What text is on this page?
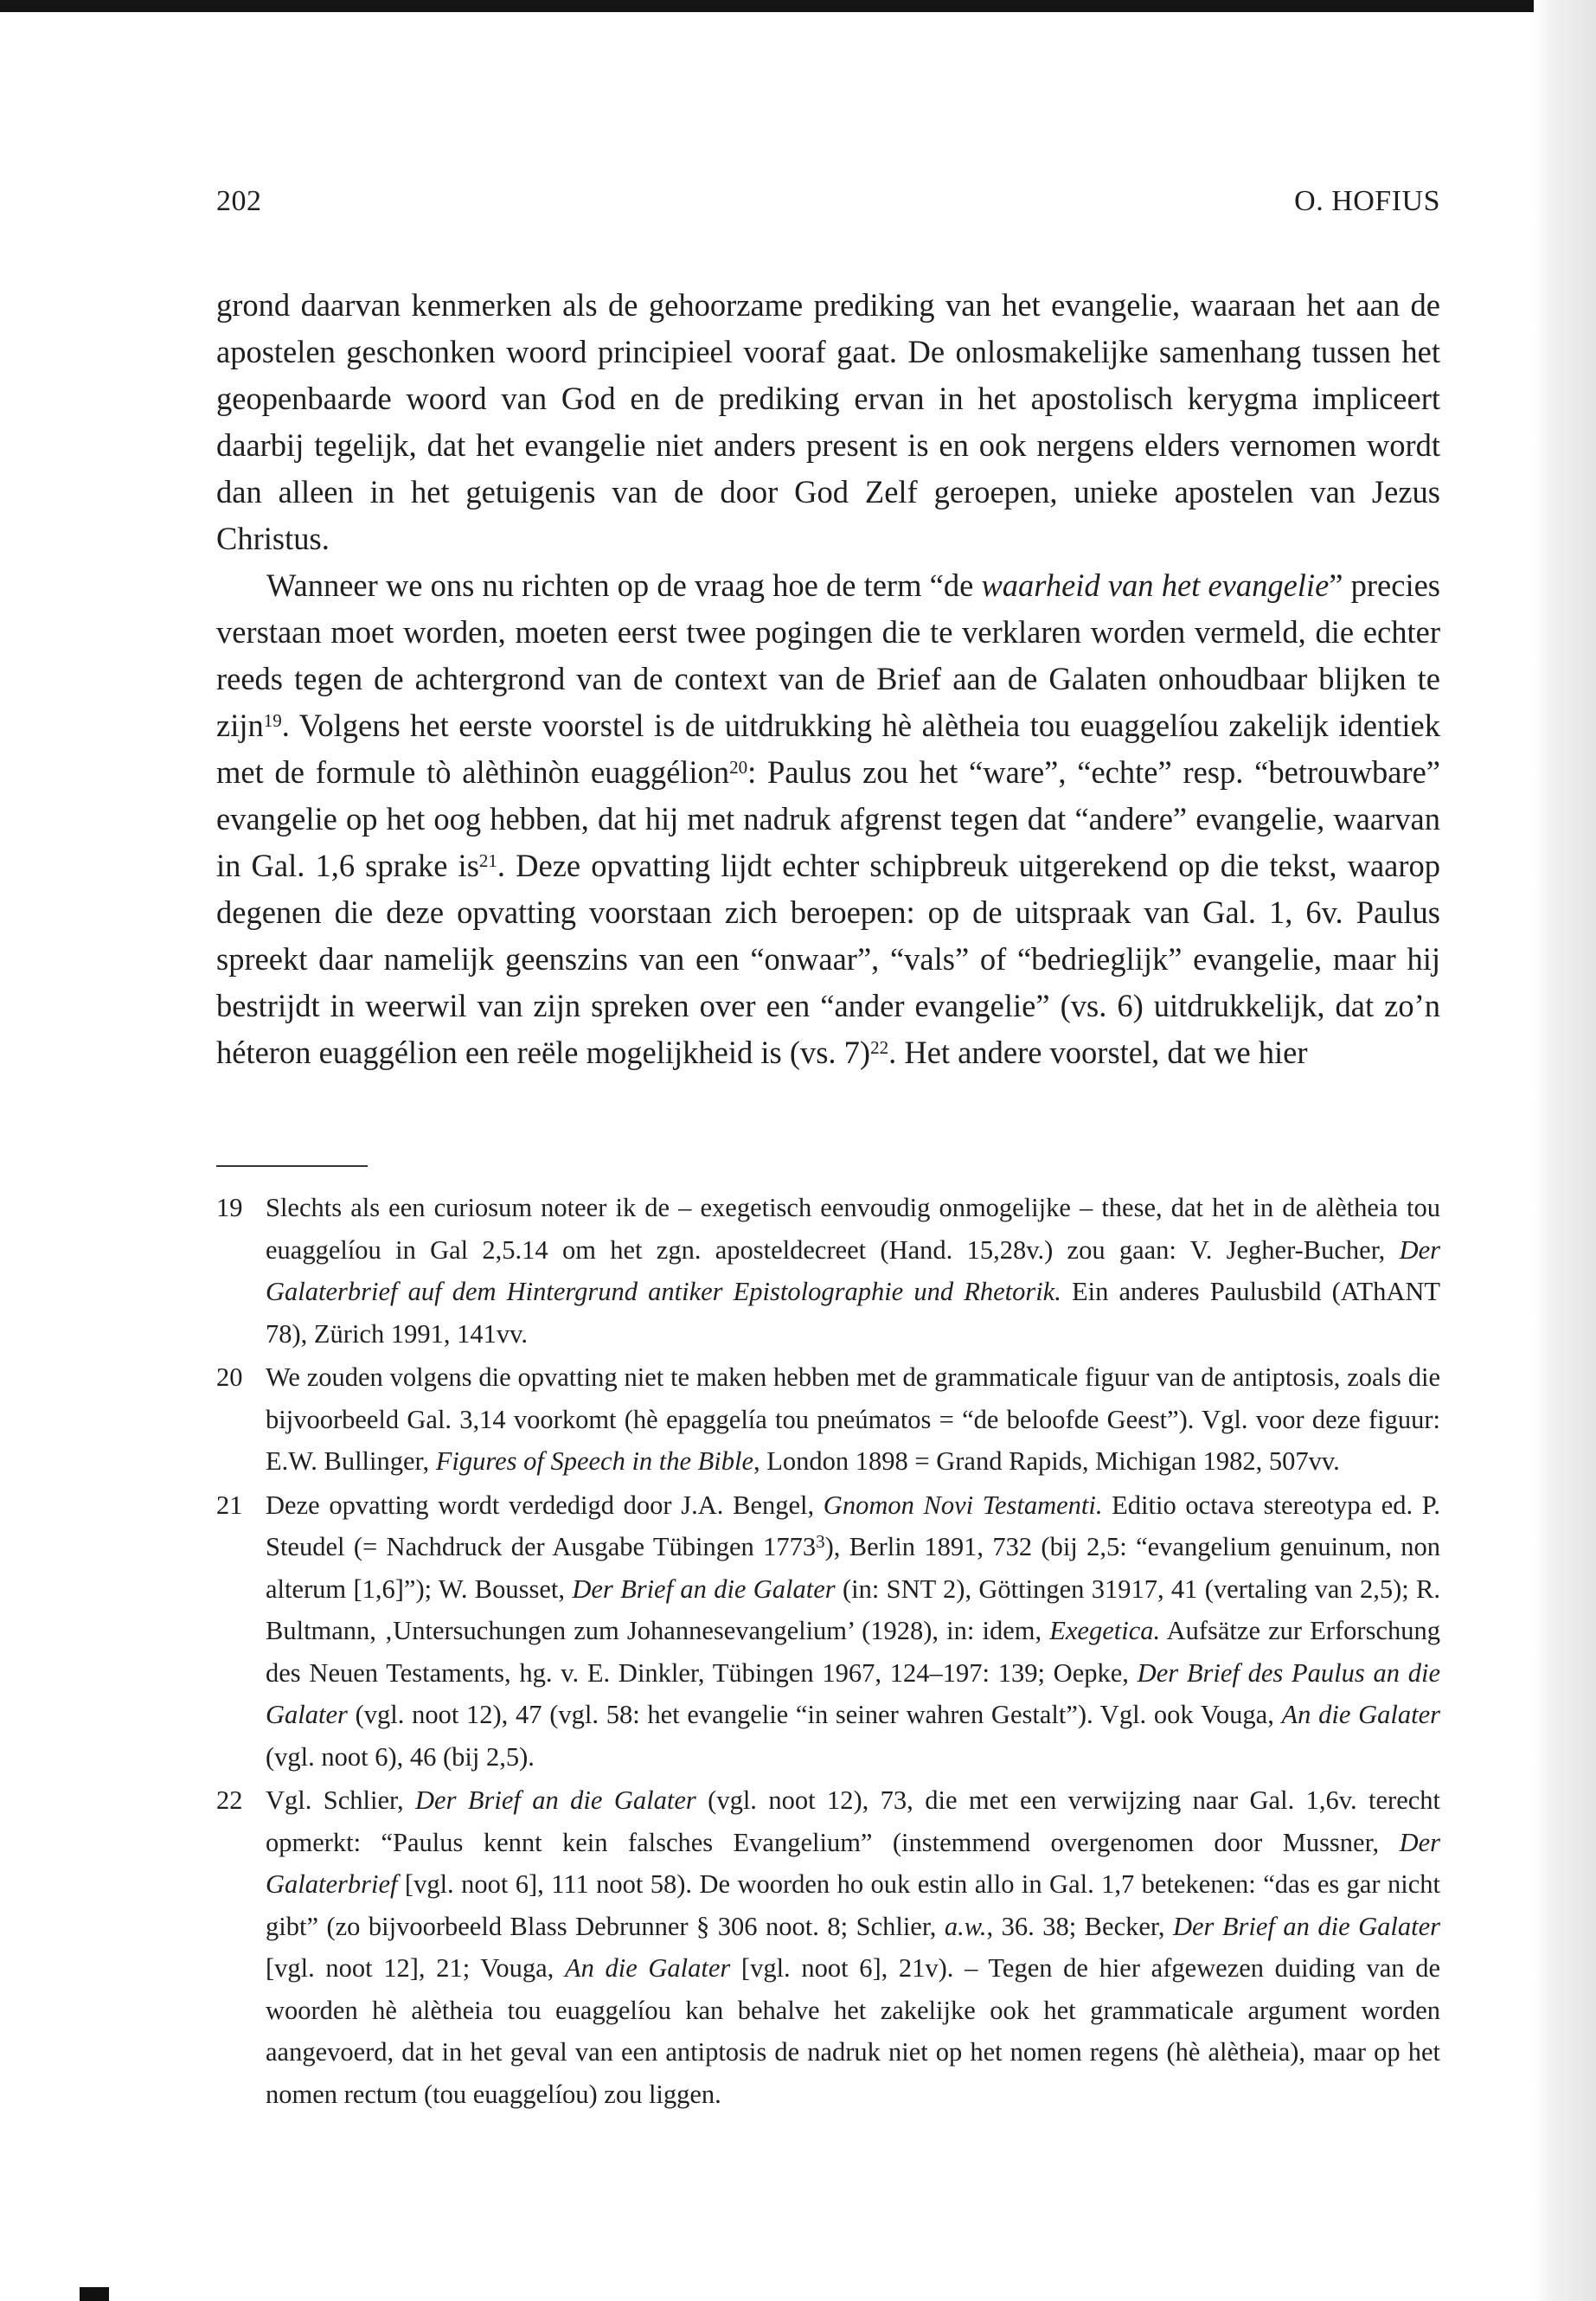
202	O. HOFIUS

grond daarvan kenmerken als de gehoorzame prediking van het evangelie, waaraan het aan de apostelen geschonken woord principieel vooraf gaat. De onlosmakelijke samenhang tussen het geopenbaarde woord van God en de prediking ervan in het apostolisch kerygma impliceert daarbij tegelijk, dat het evangelie niet anders present is en ook nergens elders vernomen wordt dan alleen in het getuigenis van de door God Zelf geroepen, unieke apostelen van Jezus Christus.

Wanneer we ons nu richten op de vraag hoe de term “de waarheid van het evangelie” precies verstaan moet worden, moeten eerst twee pogingen die te verklaren worden vermeld, die echter reeds tegen de achtergrond van de context van de Brief aan de Galaten onhoudbaar blijken te zijn$^{19}$. Volgens het eerste voorstel is de uitdrukking hè alètheia tou euaggelíou zakelijk identiek met de formule tò alèthinòn euaggélion$^{20}$: Paulus zou het “ware”, “echte” resp. “betrouwbare” evangelie op het oog hebben, dat hij met nadruk afgrenst tegen dat “andere” evangelie, waarvan in Gal. 1,6 sprake $is^{21}$. Deze opvatting lijdt echter schipbreuk uitgerekend op die tekst, waarop degenen die deze opvatting voorstaan zich beroepen: op de uitspraak van Gal. 1, 6v. Paulus spreekt daar namelijk geenszins van een “onwaar”, “vals” of “bedrieglijk” evangelie, maar hij bestrijdt in weerwil van zijn spreken over een “ander evangelie” (vs. 6) uitdrukkelijk, dat zo’n héteron euaggélion een reële mogelijkheid is (vs. 7)$^{22}$. Het andere voorstel, dat we hier

19 Slechts als een curiosum noteer ik de – exegetisch eenvoudig onmogelijke – these, dat het in de alètheia tou euaggelíou in Gal 2,5.14 om het zgn. aposteldecreet (Hand. 15,28v.) zou gaan: V. Jegher-Bucher, Der Galaterbrief auf dem Hintergrund antiker Epistolographie und Rhetorik. Ein anderes Paulusbild (AThANT 78), Zürich 1991, 141vv.
20 We zouden volgens die opvatting niet te maken hebben met de grammaticale figuur van de antiptosis, zoals die bijvoorbeeld Gal. 3,14 voorkomt (hè epaggelía tou pneúmatos = “de beloofde Geest”). Vgl. voor deze figuur: E.W. Bullinger, Figures of Speech in the Bible, London 1898 = Grand Rapids, Michigan 1982, 507vv.
21 Deze opvatting wordt verdedigd door J.A. Bengel, Gnomon Novi Testamenti. Editio octava stereotypa ed. P. Steudel (= Nachdruck der Ausgabe Tübingen 1773$^3$), Berlin 1891, 732 (bij 2,5: “evangelium genuinum, non alterum [1,6]”); W. Bousset, Der Brief an die Galater (in: SNT 2), Göttingen 31917, 41 (vertaling van 2,5); R. Bultmann, ‚Untersuchungen zum Johannesevangelium’ (1928), in: idem, Exegetica. Aufsätze zur Erforschung des Neuen Testaments, hg. v. E. Dinkler, Tübingen 1967, 124–197: 139; Oepke, Der Brief des Paulus an die Galater (vgl. noot 12), 47 (vgl. 58: het evangelie “in seiner wahren Gestalt”). Vgl. ook Vouga, An die Galater (vgl. noot 6), 46 (bij 2,5).
22 Vgl. Schlier, Der Brief an die Galater (vgl. noot 12), 73, die met een verwijzing naar Gal. 1,6v. terecht opmerkt: “Paulus kennt kein falsches Evangelium” (instemmend overgenomen door Mussner, Der Galaterbrief [vgl. noot 6], 111 noot 58). De woorden ho ouk estin allo in Gal. 1,7 betekenen: “das es gar nicht gibt” (zo bijvoorbeeld Blass Debrunner § 306 noot. 8; Schlier, a.w., 36. 38; Becker, Der Brief an die Galater [vgl. noot 12], 21; Vouga, An die Galater [vgl. noot 6], 21v). – Tegen de hier afgewezen duiding van de woorden hè alètheia tou euaggelíou kan behalve het zakelijke ook het grammaticale argument worden aangevoerd, dat in het geval van een antiptosis de nadruk niet op het nomen regens (hè alètheia), maar op het nomen rectum (tou euaggelíou) zou liggen.
